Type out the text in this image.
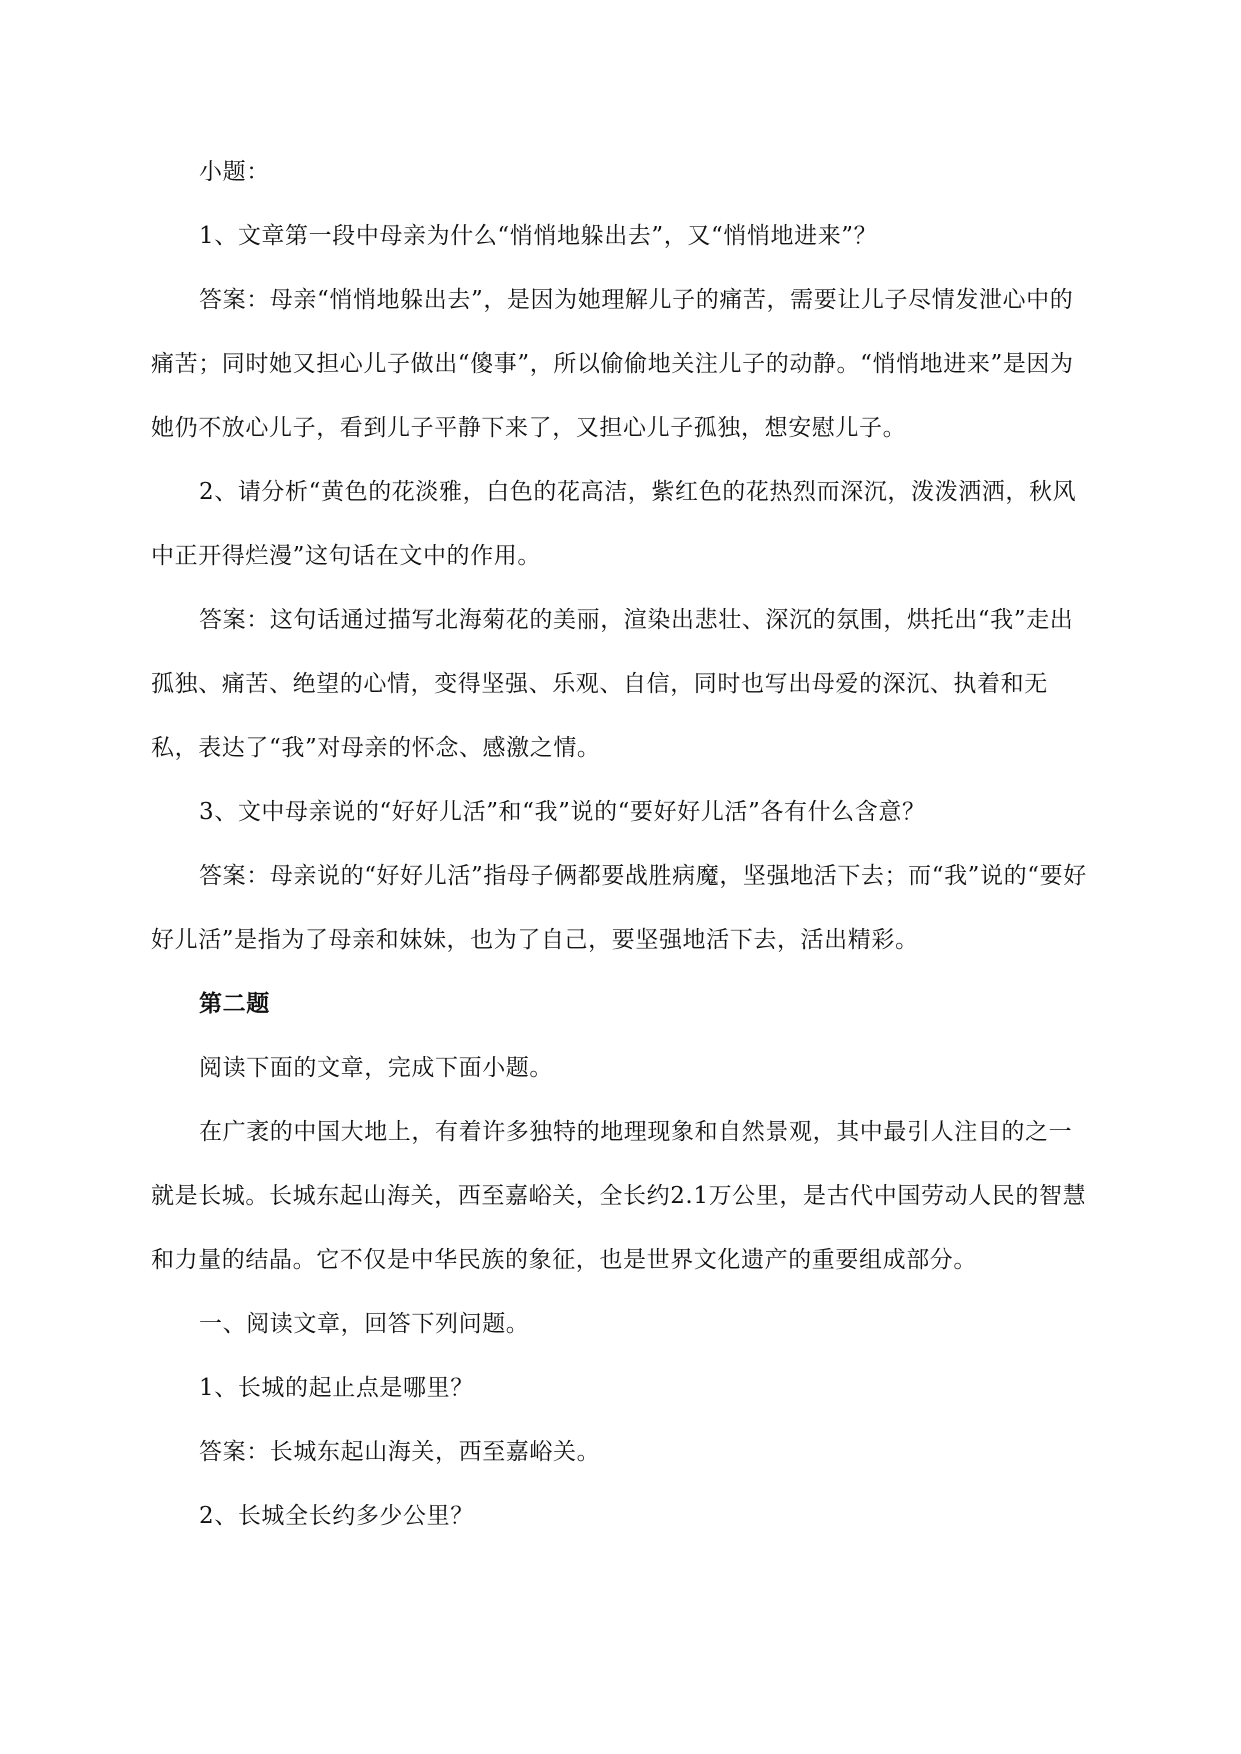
小题：

1、文章第一段中母亲为什么“悄悄地躲出去”，又“悄悄地进来”？

答案：母亲“悄悄地躲出去”，是因为她理解儿子的痛苦，需要让儿子尽情发泄心中的痛苦；同时她又担心儿子做出“傻事”，所以偷偷地关注儿子的动静。“悄悄地进来”是因为她仍不放心儿子，看到儿子平静下来了，又担心儿子孤独，想安慰儿子。

2、请分析“黄色的花淡雅，白色的花高洁，紫红色的花热烈而深沉，泼泼洒洒，秋风中正开得烂漫”这句话在文中的作用。

答案：这句话通过描写北海菊花的美丽，渲染出悲壮、深沉的氛围，烘托出“我”走出孤独、痛苦、绝望的心情，变得坚强、乐观、自信，同时也写出母爱的深沉、执着和无私，表达了“我”对母亲的怀念、感激之情。

3、文中母亲说的“好好儿活”和“我”说的“要好好儿活”各有什么含意？

答案：母亲说的“好好儿活”指母子俩都要战胜病魔，坚强地活下去；而“我”说的“要好好儿活”是指为了母亲和妹妹，也为了自己，要坚强地活下去，活出精彩。

第二题

阅读下面的文章，完成下面小题。

在广袤的中国大地上，有着许多独特的地理现象和自然景观，其中最引人注目的之一就是长城。长城东起山海关，西至嘉峪关，全长约2.1万公里，是古代中国劳动人民的智慧和力量的结晶。它不仅是中华民族的象征，也是世界文化遗产的重要组成部分。

一、阅读文章，回答下列问题。

1、长城的起止点是哪里？

答案：长城东起山海关，西至嘉峪关。

2、长城全长约多少公里？
